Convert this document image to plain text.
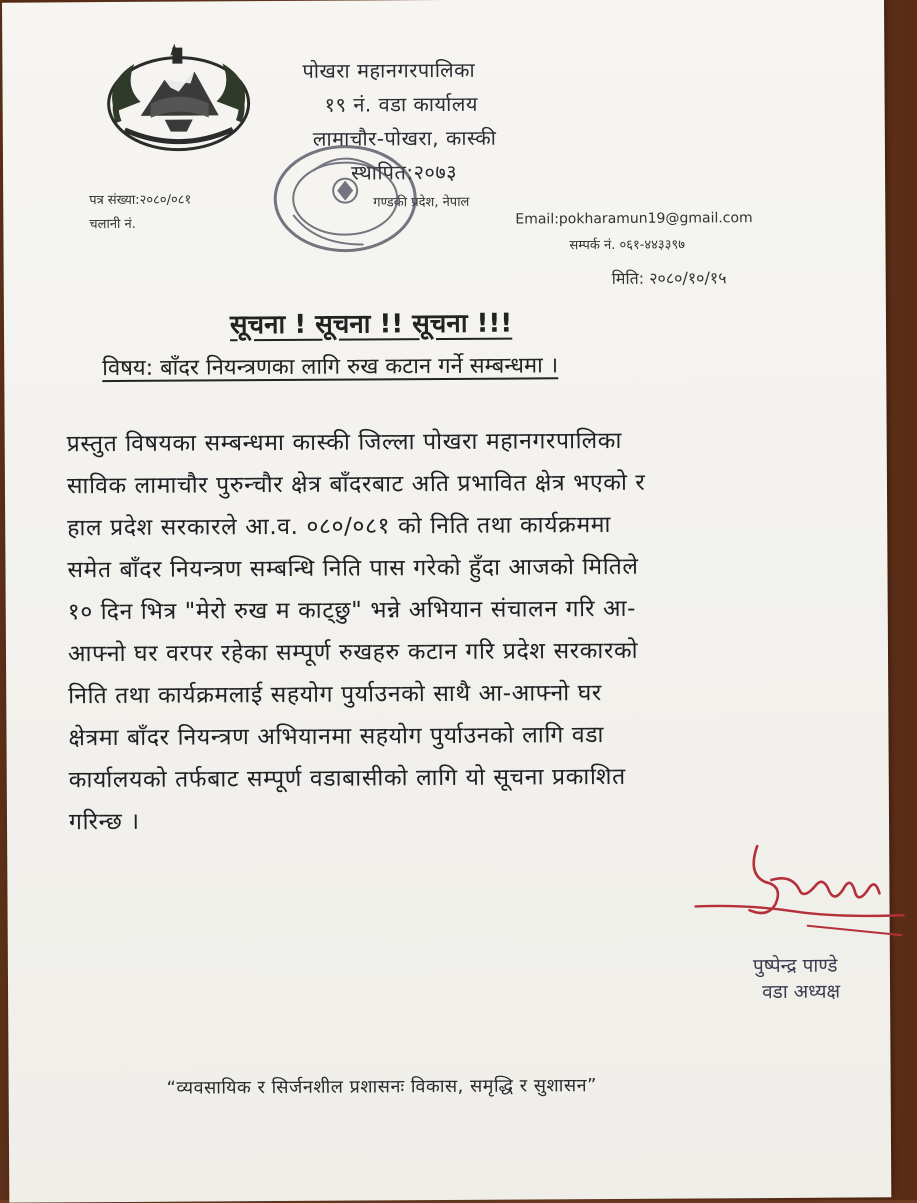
पोखरा महानगरपालिका
१९ नं. वडा कार्यालय
लामाचौर-पोखरा, कास्की
स्थापित:२०७३
गण्डकी प्रदेश, नेपाल
पत्र संख्या:२०८०/०८१
चलानी नं.	Email:pokharamun19@gmail.com
सम्पर्क नं. ०६१-४४३३९७
मिति: २०८०/१०/१५
सूचना ! सूचना !! सूचना !!!
विषय: बाँदर नियन्त्रणका लागि रुख कटान गर्ने सम्बन्धमा ।
प्रस्तुत विषयका सम्बन्धमा कास्की जिल्ला पोखरा महानगरपालिका
साविक लामाचौर पुरुन्चौर क्षेत्र बाँदरबाट अति प्रभावित क्षेत्र भएको र
हाल प्रदेश सरकारले आ.व. ०८०/०८१ को निति तथा कार्यक्रममा
समेत बाँदर नियन्त्रण सम्बन्धि निति पास गरेको हुँदा आजको मितिले
१० दिन भित्र "मेरो रुख म काट्छु" भन्ने अभियान संचालन गरि आ-
आफ्नो घर वरपर रहेका सम्पूर्ण रुखहरु कटान गरि प्रदेश सरकारको
निति तथा कार्यक्रमलाई सहयोग पुर्याउनको साथै आ-आफ्नो घर
क्षेत्रमा बाँदर नियन्त्रण अभियानमा सहयोग पुर्याउनको लागि वडा
कार्यालयको तर्फबाट सम्पूर्ण वडाबासीको लागि यो सूचना प्रकाशित
गरिन्छ ।
पुष्पेन्द्र पाण्डे
वडा अध्यक्ष
“व्यवसायिक र सिर्जनशील प्रशासनः विकास, समृद्धि र सुशासन”
